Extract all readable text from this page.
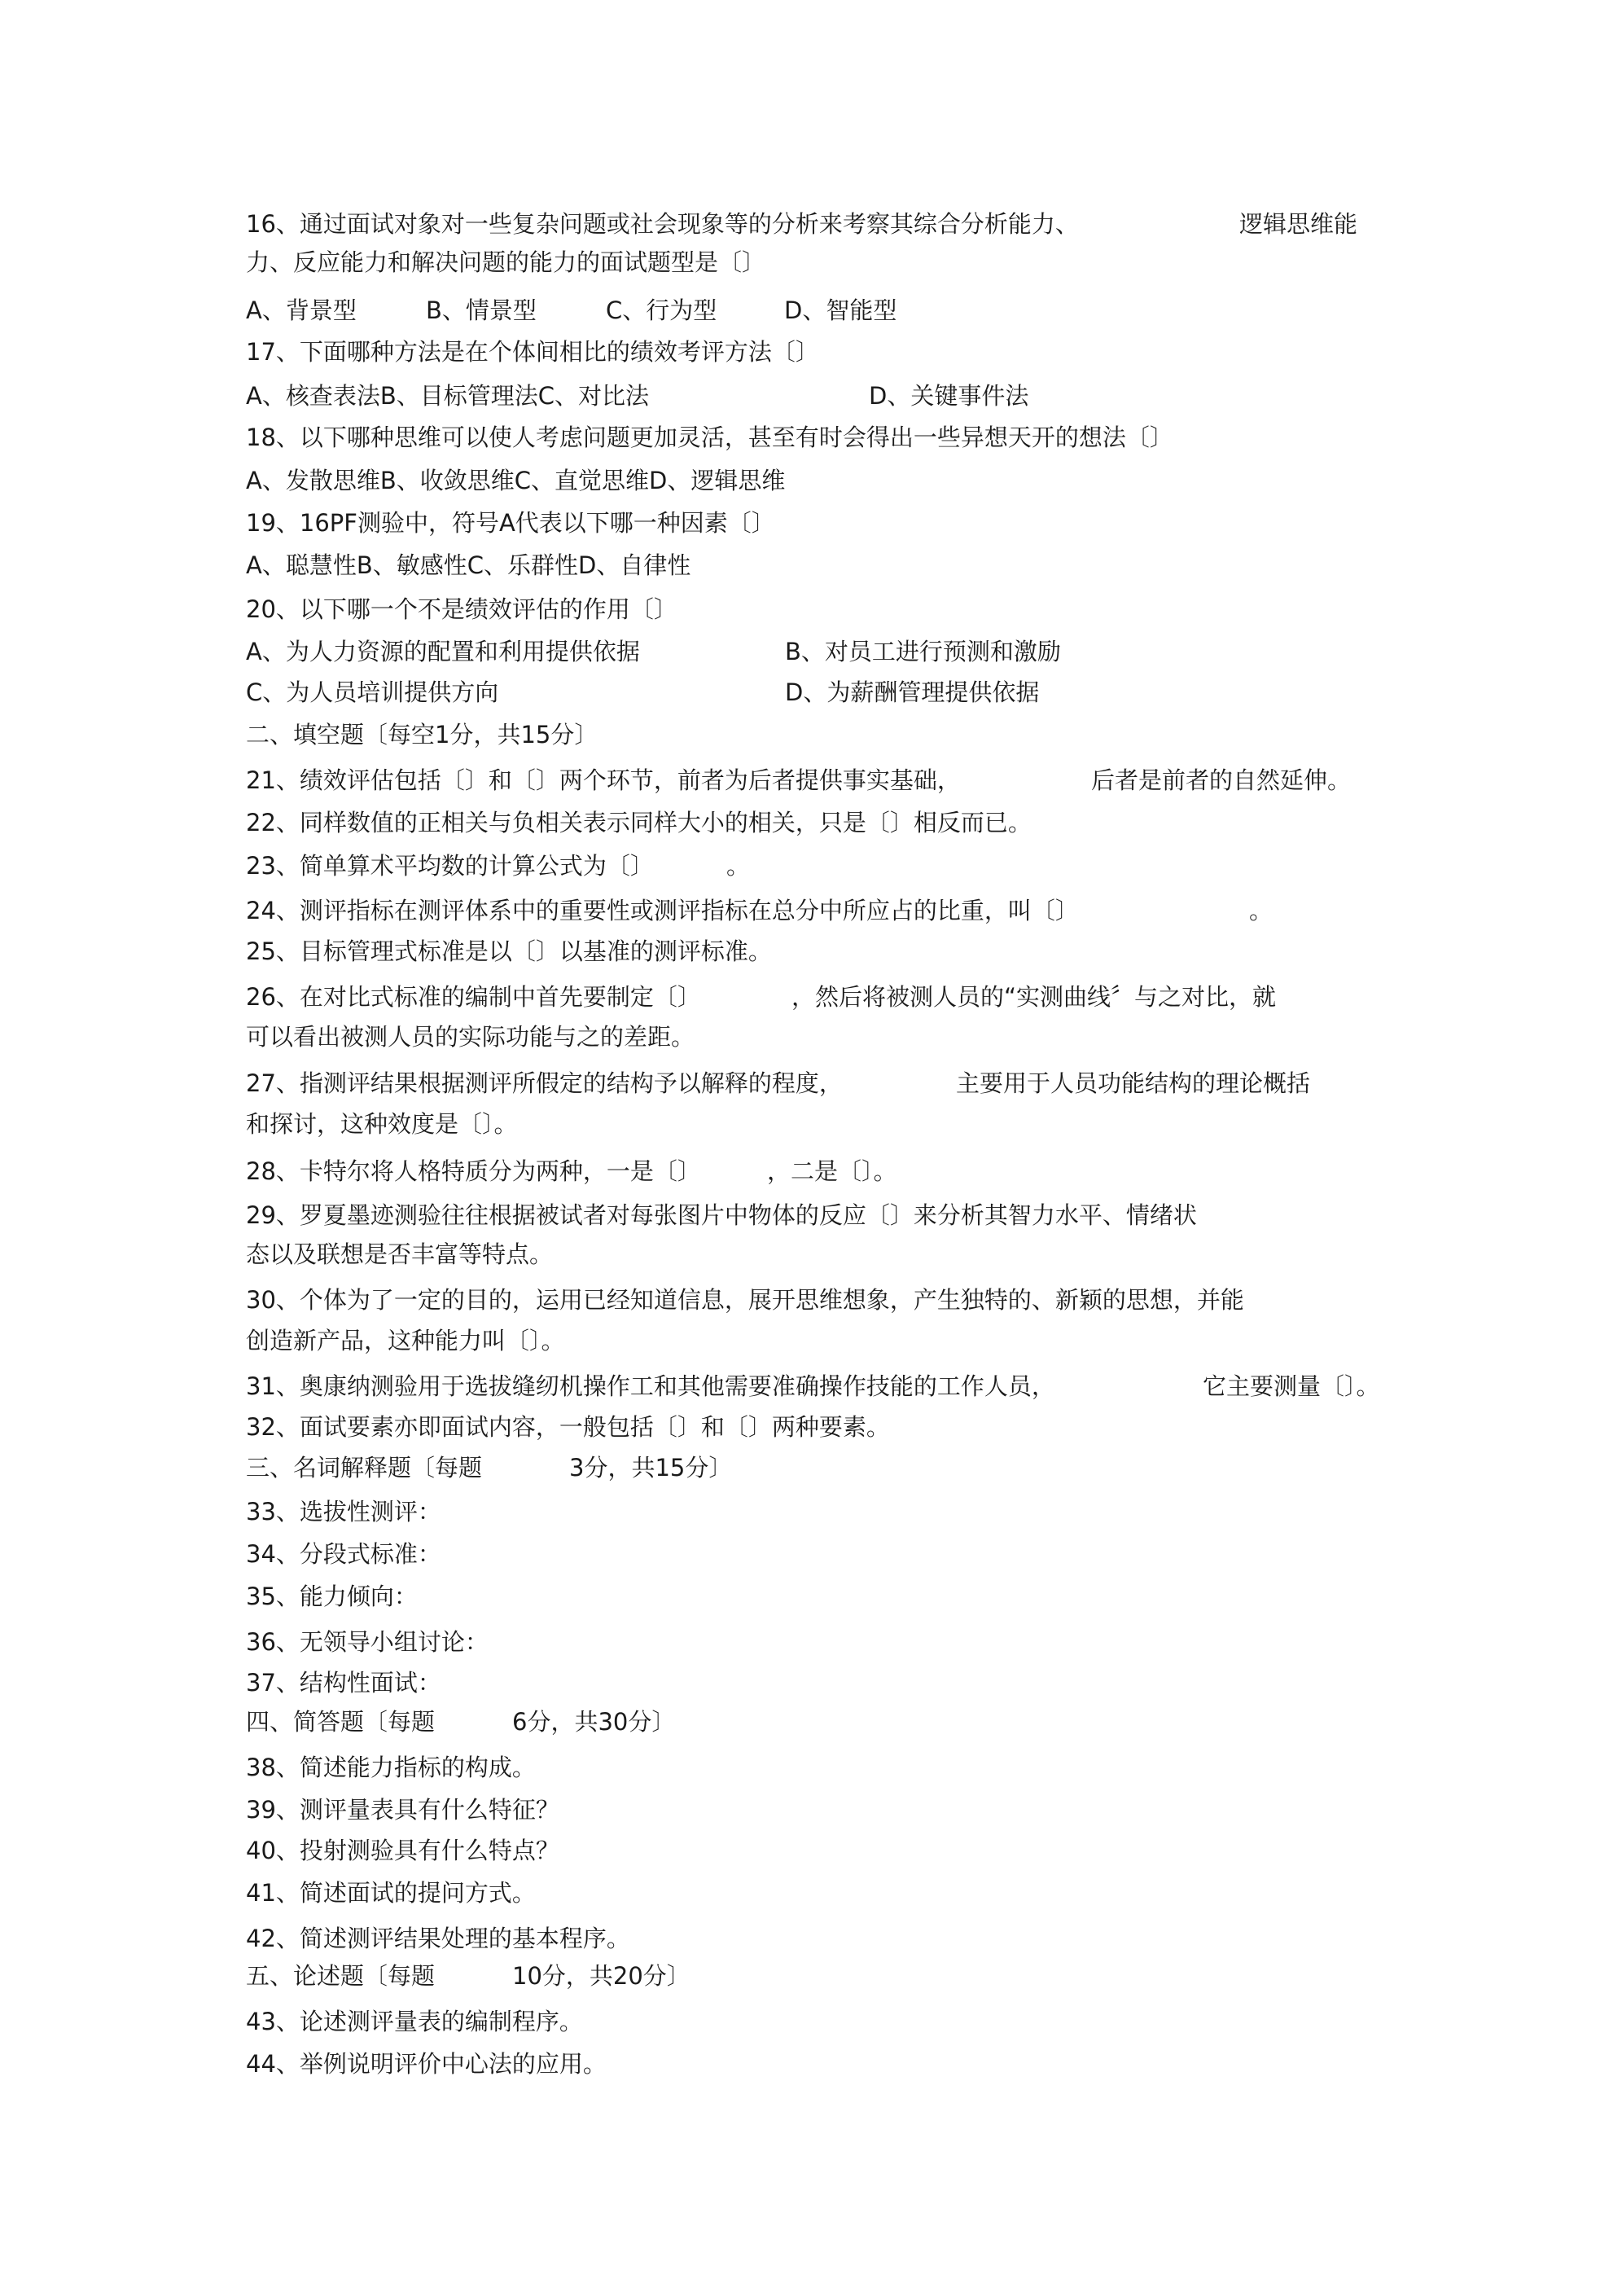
16、通过面试对象对一些复杂问题或社会现象等的分析来考察其综合分析能力、

	逻辑思维能

力、反应能力和解决问题的能力的面试题型是〔〕

A、背景型

	B、情景型

	C、行为型

	D、智能型

17、下面哪种方法是在个体间相比的绩效考评方法〔〕

A、核查表法B、目标管理法C、对比法

	D、关键事件法

18、以下哪种思维可以使人考虑问题更加灵活，甚至有时会得出一些异想天开的想法〔〕
A、发散思维B、收敛思维C、直觉思维D、逻辑思维
19、16PF测验中，符号A代表以下哪一种因素〔〕
A、聪慧性B、敏感性C、乐群性D、自律性
20、以下哪一个不是绩效评估的作用〔〕

A、为人力资源的配置和利用提供依据

	B、对员工进行预测和激励

C、为人员培训提供方向

	D、为薪酬管理提供依据

二、填空题〔每空1分，共15分〕

21、绩效评估包括〔〕和〔〕两个环节，前者为后者提供事实基础，

	后者是前者的自然延伸。

22、同样数值的正相关与负相关表示同样大小的相关，只是〔〕相反而已。

23、简单算术平均数的计算公式为〔〕

	。

24、测评指标在测评体系中的重要性或测评指标在总分中所应占的比重，叫〔〕

	。

25、目标管理式标准是以〔〕以基准的测评标准。

26、在对比式标准的编制中首先要制定〔〕

	，然后将被测人员的“实测曲线〞与之对比，就

可以看出被测人员的实际功能与之的差距。

27、指测评结果根据测评所假定的结构予以解释的程度，

	主要用于人员功能结构的理论概括

和探讨，这种效度是〔〕。

28、卡特尔将人格特质分为两种，一是〔〕

	，二是〔〕。

29、罗夏墨迹测验往往根据被试者对每张图片中物体的反应〔〕来分析其智力水平、情绪状
态以及联想是否丰富等特点。
30、个体为了一定的目的，运用已经知道信息，展开思维想象，产生独特的、新颖的思想，并能
创造新产品，这种能力叫〔〕。

31、奥康纳测验用于选拔缝纫机操作工和其他需要准确操作技能的工作人员，

	它主要测量〔〕。

32、面试要素亦即面试内容，一般包括〔〕和〔〕两种要素。

三、名词解释题〔每题

	3分，共15分〕

33、选拔性测评：
34、分段式标准：
35、能力倾向：
36、无领导小组讨论：
37、结构性面试：

四、简答题〔每题

	6分，共30分〕

38、简述能力指标的构成。
39、测评量表具有什么特征？
40、投射测验具有什么特点？
41、简述面试的提问方式。
42、简述测评结果处理的基本程序。

五、论述题〔每题

	10分，共20分〕

43、论述测评量表的编制程序。
44、举例说明评价中心法的应用。
